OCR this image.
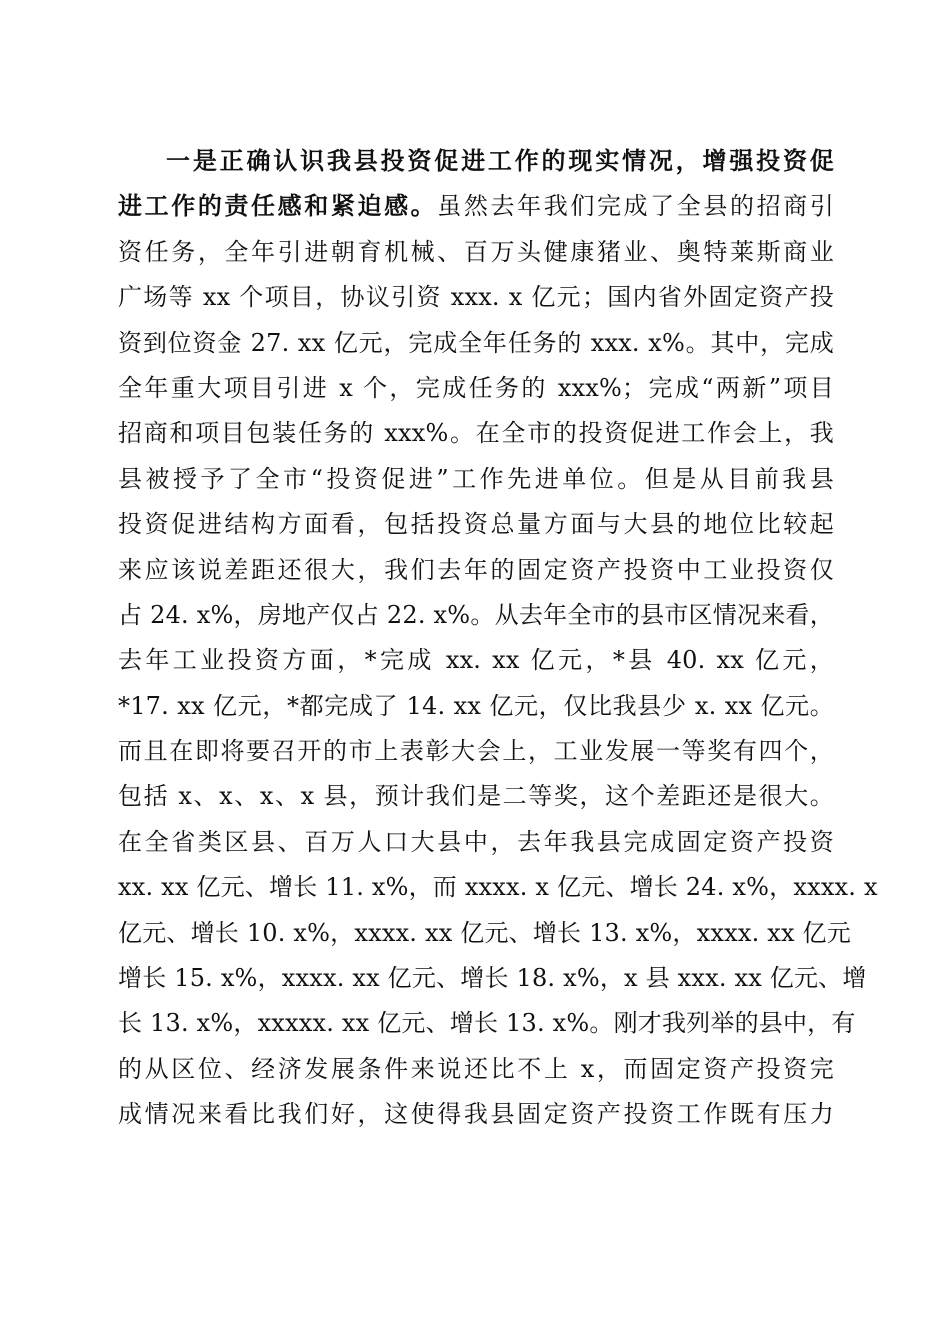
一是正确认识我县投资促进工作的现实情况，增强投资促
进工作的责任感和紧迫感。虽然去年我们完成了全县的招商引
资任务，全年引进朝育机械、百万头健康猪业、奥特莱斯商业
广场等 xx 个项目，协议引资 xxx. x 亿元；国内省外固定资产投
资到位资金 27. xx 亿元，完成全年任务的 xxx. x%。其中，完成
全年重大项目引进 x 个，完成任务的 xxx%；完成“两新”项目
招商和项目包装任务的 xxx%。在全市的投资促进工作会上，我
县被授予了全市“投资促进”工作先进单位。但是从目前我县
投资促进结构方面看，包括投资总量方面与大县的地位比较起
来应该说差距还很大，我们去年的固定资产投资中工业投资仅
占 24. x%，房地产仅占 22. x%。从去年全市的县市区情况来看，
去年工业投资方面，*完成 xx. xx 亿元，*县 40. xx 亿元，
*17. xx 亿元，*都完成了 14. xx 亿元，仅比我县少 x. xx 亿元。
而且在即将要召开的市上表彰大会上，工业发展一等奖有四个，
包括 x、x、x、x 县，预计我们是二等奖，这个差距还是很大。
在全省类区县、百万人口大县中，去年我县完成固定资产投资
xx. xx 亿元、增长 11. x%，而 xxxx. x 亿元、增长 24. x%，xxxx. x
亿元、增长 10. x%，xxxx. xx 亿元、增长 13. x%，xxxx. xx 亿元
增长 15. x%，xxxx. xx 亿元、增长 18. x%，x 县 xxx. xx 亿元、增
长 13. x%，xxxxx. xx 亿元、增长 13. x%。刚才我列举的县中，有
的从区位、经济发展条件来说还比不上 x，而固定资产投资完
成情况来看比我们好，这使得我县固定资产投资工作既有压力
